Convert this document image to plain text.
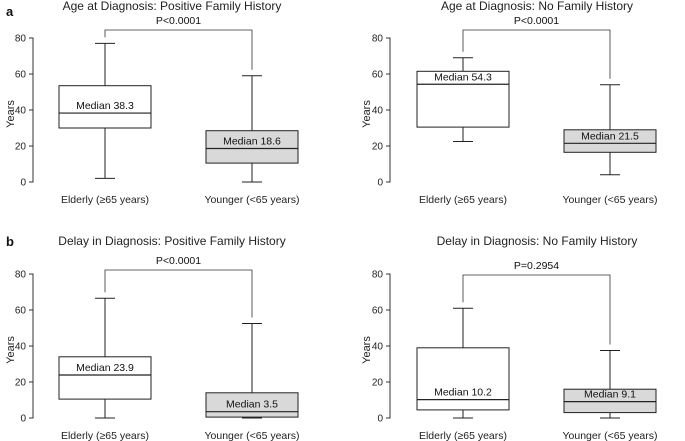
a
b
Age at Diagnosis: Positive Family History
0
20
40
60
80
Years	Median 38.3
Elderly (≥65 years)
Median 18.6
Younger (<65 years)
P<0.0001
Age at Diagnosis: No Family History
0
20
40
60
80
Years
Median 54.3
Elderly (≥65 years)
Median 21.5
Younger (<65 years)
P<0.0001
Delay in Diagnosis: Positive Family History
0
20
40
60
80
Years
Median 23.9
Elderly (≥65 years)
Median 3.5
Younger (<65 years)
P<0.0001
Delay in Diagnosis: No Family History
0
20
40
60
80
Years
Median 10.2
Elderly (≥65 years)
Median 9.1
Younger (<65 years)
P=0.2954
